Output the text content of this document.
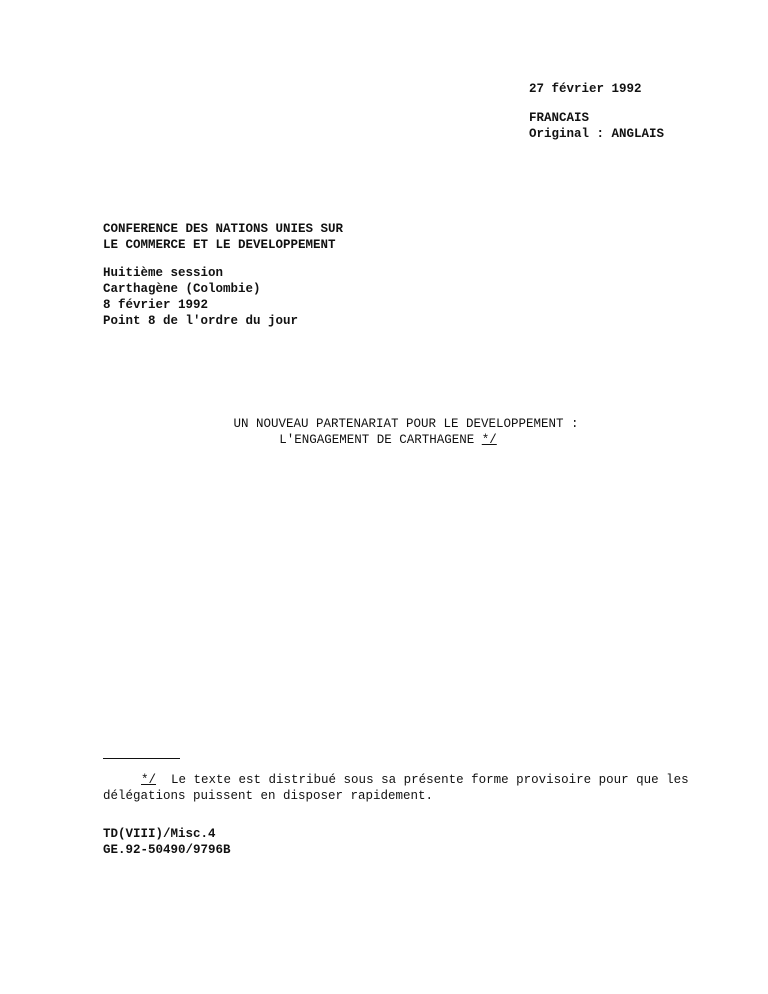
27 février 1992
FRANCAIS
Original : ANGLAIS
CONFERENCE DES NATIONS UNIES SUR
LE COMMERCE ET LE DEVELOPPEMENT
Huitième session
Carthagène (Colombie)
8 février 1992
Point 8 de l'ordre du jour
UN NOUVEAU PARTENARIAT POUR LE DEVELOPPEMENT :
L'ENGAGEMENT DE CARTHAGENE */
*/ Le texte est distribué sous sa présente forme provisoire pour que les
délégations puissent en disposer rapidement.
TD(VIII)/Misc.4
GE.92-50490/9796B
